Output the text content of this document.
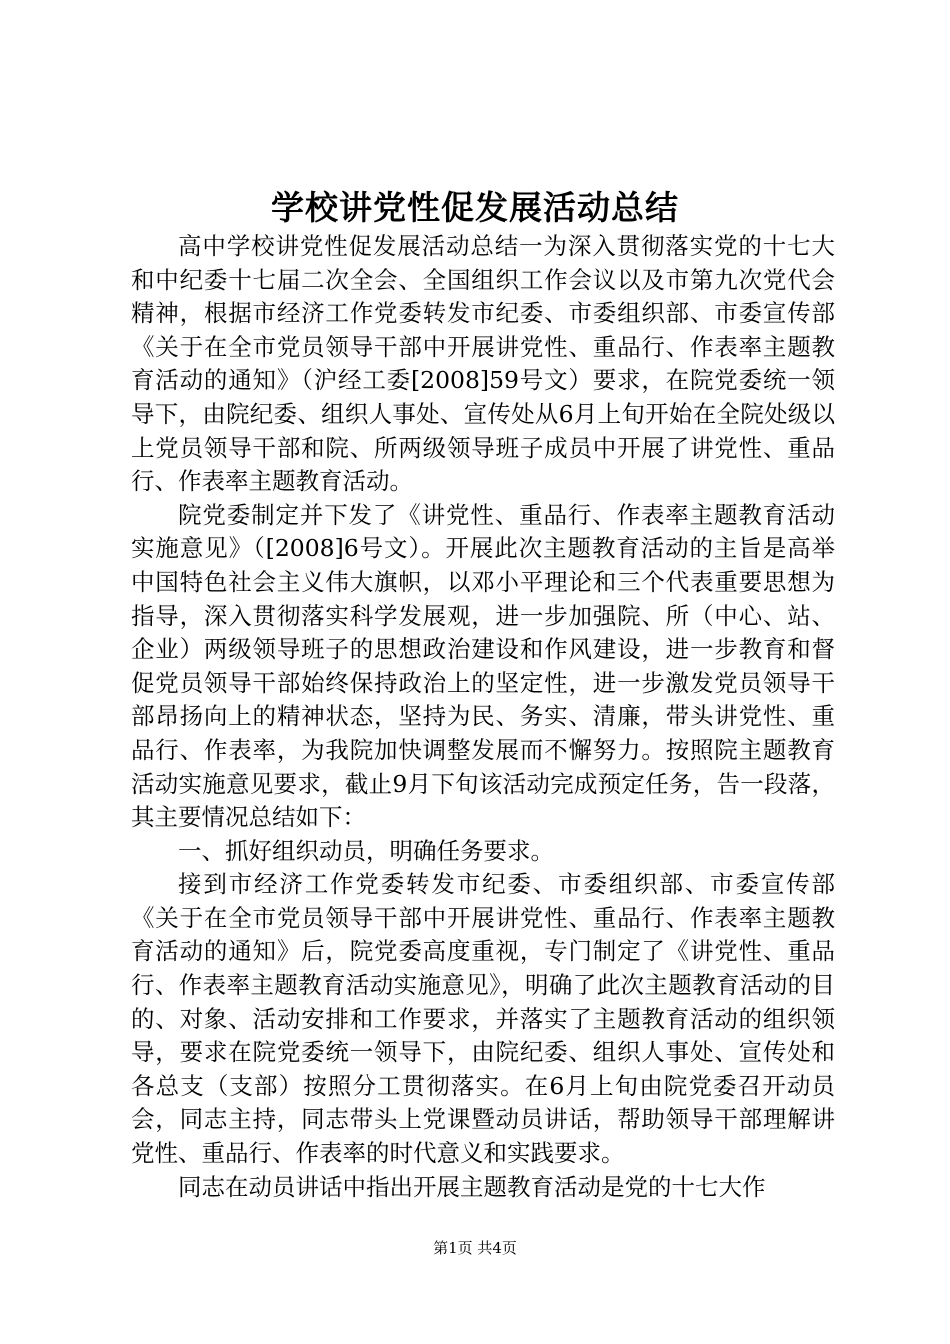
学校讲党性促发展活动总结

高中学校讲党性促发展活动总结一为深入贯彻落实党的十七大和中纪委十七届二次全会、全国组织工作会议以及市第九次党代会精神，根据市经济工作党委转发市纪委、市委组织部、市委宣传部《关于在全市党员领导干部中开展讲党性、重品行、作表率主题教育活动的通知》（沪经工委[2008]59号文）要求，在院党委统一领导下，由院纪委、组织人事处、宣传处从6月上旬开始在全院处级以上党员领导干部和院、所两级领导班子成员中开展了讲党性、重品行、作表率主题教育活动。

院党委制定并下发了《讲党性、重品行、作表率主题教育活动实施意见》（[2008]6号文）。开展此次主题教育活动的主旨是高举中国特色社会主义伟大旗帜，以邓小平理论和三个代表重要思想为指导，深入贯彻落实科学发展观，进一步加强院、所（中心、站、企业）两级领导班子的思想政治建设和作风建设，进一步教育和督促党员领导干部始终保持政治上的坚定性，进一步激发党员领导干部昂扬向上的精神状态，坚持为民、务实、清廉，带头讲党性、重品行、作表率，为我院加快调整发展而不懈努力。按照院主题教育活动实施意见要求，截止9月下旬该活动完成预定任务，告一段落，其主要情况总结如下：

一、抓好组织动员，明确任务要求。

接到市经济工作党委转发市纪委、市委组织部、市委宣传部《关于在全市党员领导干部中开展讲党性、重品行、作表率主题教育活动的通知》后，院党委高度重视，专门制定了《讲党性、重品行、作表率主题教育活动实施意见》，明确了此次主题教育活动的目的、对象、活动安排和工作要求，并落实了主题教育活动的组织领导，要求在院党委统一领导下，由院纪委、组织人事处、宣传处和各总支（支部）按照分工贯彻落实。在6月上旬由院党委召开动员会，同志主持，同志带头上党课暨动员讲话，帮助领导干部理解讲党性、重品行、作表率的时代意义和实践要求。

同志在动员讲话中指出开展主题教育活动是党的十七大作

第1页 共4页
